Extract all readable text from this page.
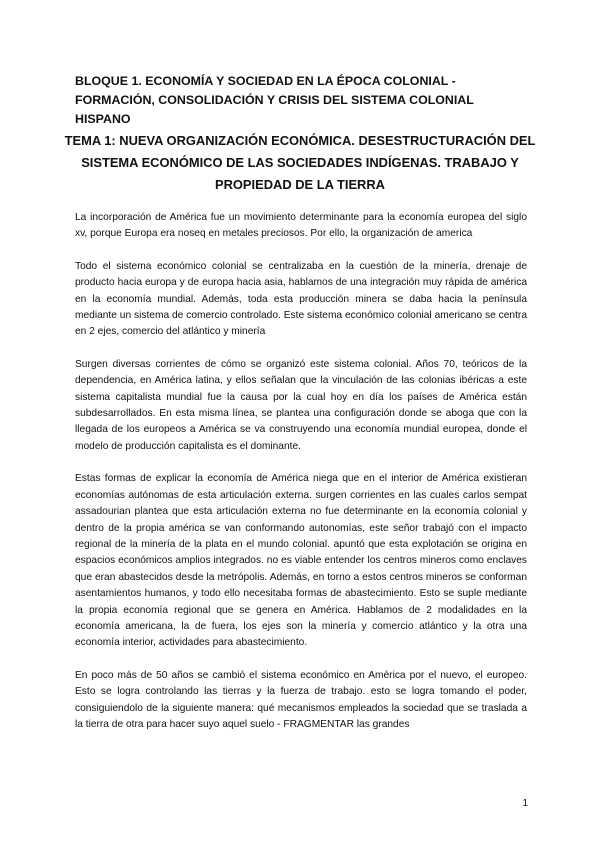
BLOQUE 1. ECONOMÍA Y SOCIEDAD EN LA ÉPOCA COLONIAL - FORMACIÓN, CONSOLIDACIÓN Y CRISIS DEL SISTEMA COLONIAL HISPANO
TEMA 1: NUEVA ORGANIZACIÓN ECONÓMICA. DESESTRUCTURACIÓN DEL SISTEMA ECONÓMICO DE LAS SOCIEDADES INDÍGENAS. TRABAJO Y PROPIEDAD DE LA TIERRA

La incorporación de América fue un movimiento determinante para la economía europea del siglo xv, porque Europa era noseq en metales preciosos. Por ello, la organización de america

Todo el sistema económico colonial se centralizaba en la cuestión de la minería, drenaje de producto hacia europa y de europa hacia asia, hablamos de una integración muy rápida de américa en la economía mundial. Además, toda esta producción minera se daba hacia la península mediante un sistema de comercio controlado. Este sistema económico colonial americano se centra en 2 ejes, comercio del atlántico y minería

Surgen diversas corrientes de cómo se organizó este sistema colonial. Años 70, teóricos de la dependencia, en América latina, y ellos señalan que la vinculación de las colonias ibéricas a este sistema capitalista mundial fue la causa por la cual hoy en día los países de América están subdesarrollados. En esta misma línea, se plantea una configuración donde se aboga que con la llegada de los europeos a América se va construyendo una economía mundial europea, donde el modelo de producción capitalista es el dominante.

Estas formas de explicar la economía de América niega que en el interior de América existieran economías autónomas de esta articulación externa. surgen corrientes en las cuales carlos sempat assadourian plantea que esta articulación externa no fue determinante en la economía colonial y dentro de la propia américa se van conformando autonomías, este señor trabajó con el impacto regional de la minería de la plata en el mundo colonial. apuntó que esta explotación se origina en espacios económicos amplios integrados. no es viable entender los centros mineros como enclaves que eran abastecidos desde la metrópolis. Además, en torno a estos centros mineros se conforman asentamientos humanos, y todo ello necesitaba formas de abastecimiento. Esto se suple mediante la propia economía regional que se genera en América. Hablamos de 2 modalidades en la economía americana, la de fuera, los ejes son la minería y comercio atlántico y la otra una economía interior, actividades para abastecimiento.

En poco más de 50 años se cambió el sistema económico en América por el nuevo, el europeo. Esto se logra controlando las tierras y la fuerza de trabajo. esto se logra tomando el poder, consiguiendolo de la siguiente manera: qué mecanismos empleados la sociedad que se traslada a la tierra de otra para hacer suyo aquel suelo - FRAGMENTAR las grandes

1
